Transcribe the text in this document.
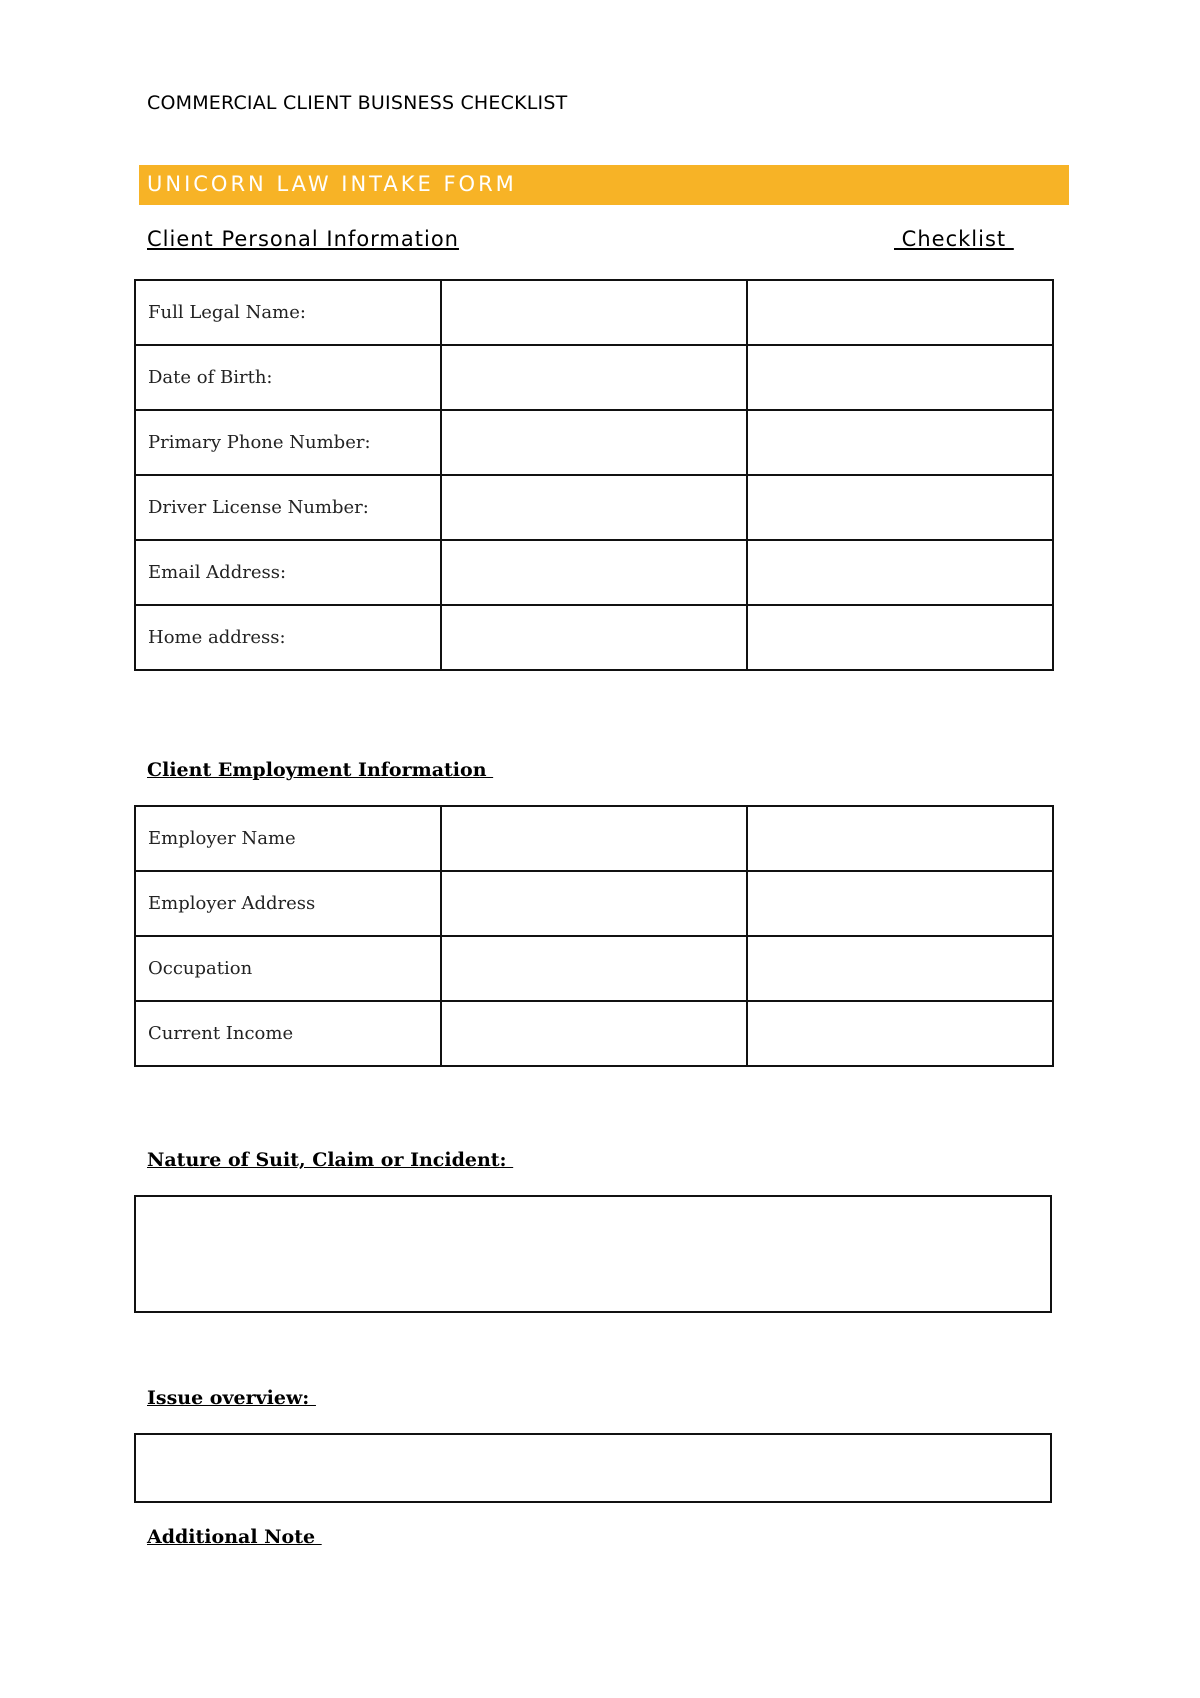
COMMERCIAL CLIENT BUISNESS CHECKLIST
UNICORN LAW INTAKE FORM
Client Personal Information	Checklist
Full Legal Name:		
Date of Birth:		
Primary Phone Number:		
Driver License Number:		
Email Address:		
Home address:		
Client Employment Information
Employer Name		
Employer Address		
Occupation		
Current Income		
Nature of Suit, Claim or Incident:
Issue overview:
Additional Note
